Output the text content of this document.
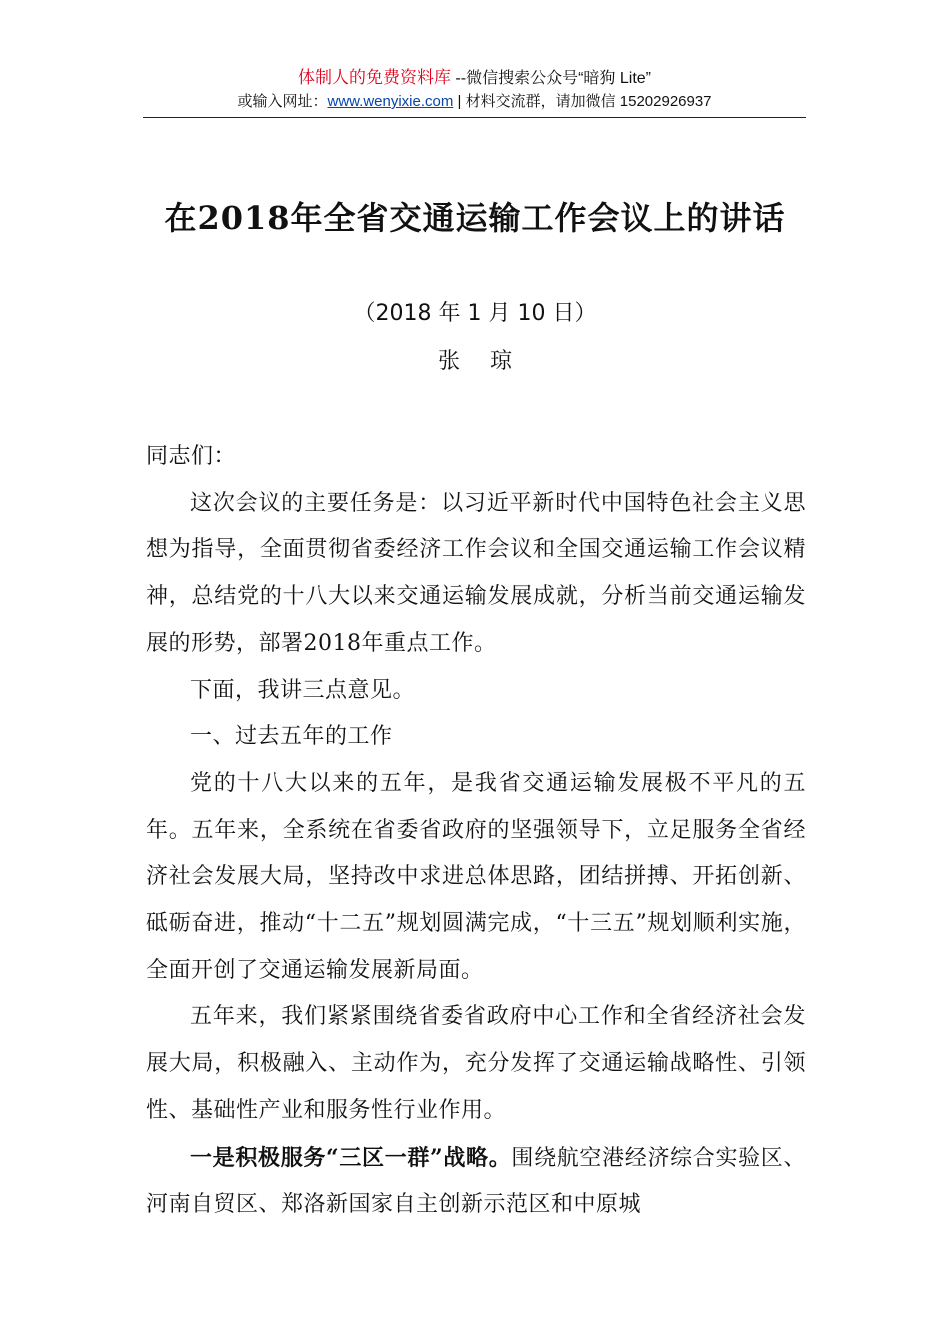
体制人的免费资料库 --微信搜索公众号“暗狗 Lite”
或输入网址：www.wenyixie.com | 材料交流群，请加微信 15202926937
在2018年全省交通运输工作会议上的讲话
（2018 年 1 月 10 日）
张琼

同志们：

这次会议的主要任务是：以习近平新时代中国特色社会主义思想为指导，全面贯彻省委经济工作会议和全国交通运输工作会议精神，总结党的十八大以来交通运输发展成就，分析当前交通运输发展的形势，部署2018年重点工作。

下面，我讲三点意见。

一、过去五年的工作

党的十八大以来的五年，是我省交通运输发展极不平凡的五年。五年来，全系统在省委省政府的坚强领导下，立足服务全省经济社会发展大局，坚持改中求进总体思路，团结拼搏、开拓创新、砥砺奋进，推动“十二五”规划圆满完成，“十三五”规划顺利实施，全面开创了交通运输发展新局面。

五年来，我们紧紧围绕省委省政府中心工作和全省经济社会发展大局，积极融入、主动作为，充分发挥了交通运输战略性、引领性、基础性产业和服务性行业作用。

一是积极服务“三区一群”战略。围绕航空港经济综合实验区、河南自贸区、郑洛新国家自主创新示范区和中原城
